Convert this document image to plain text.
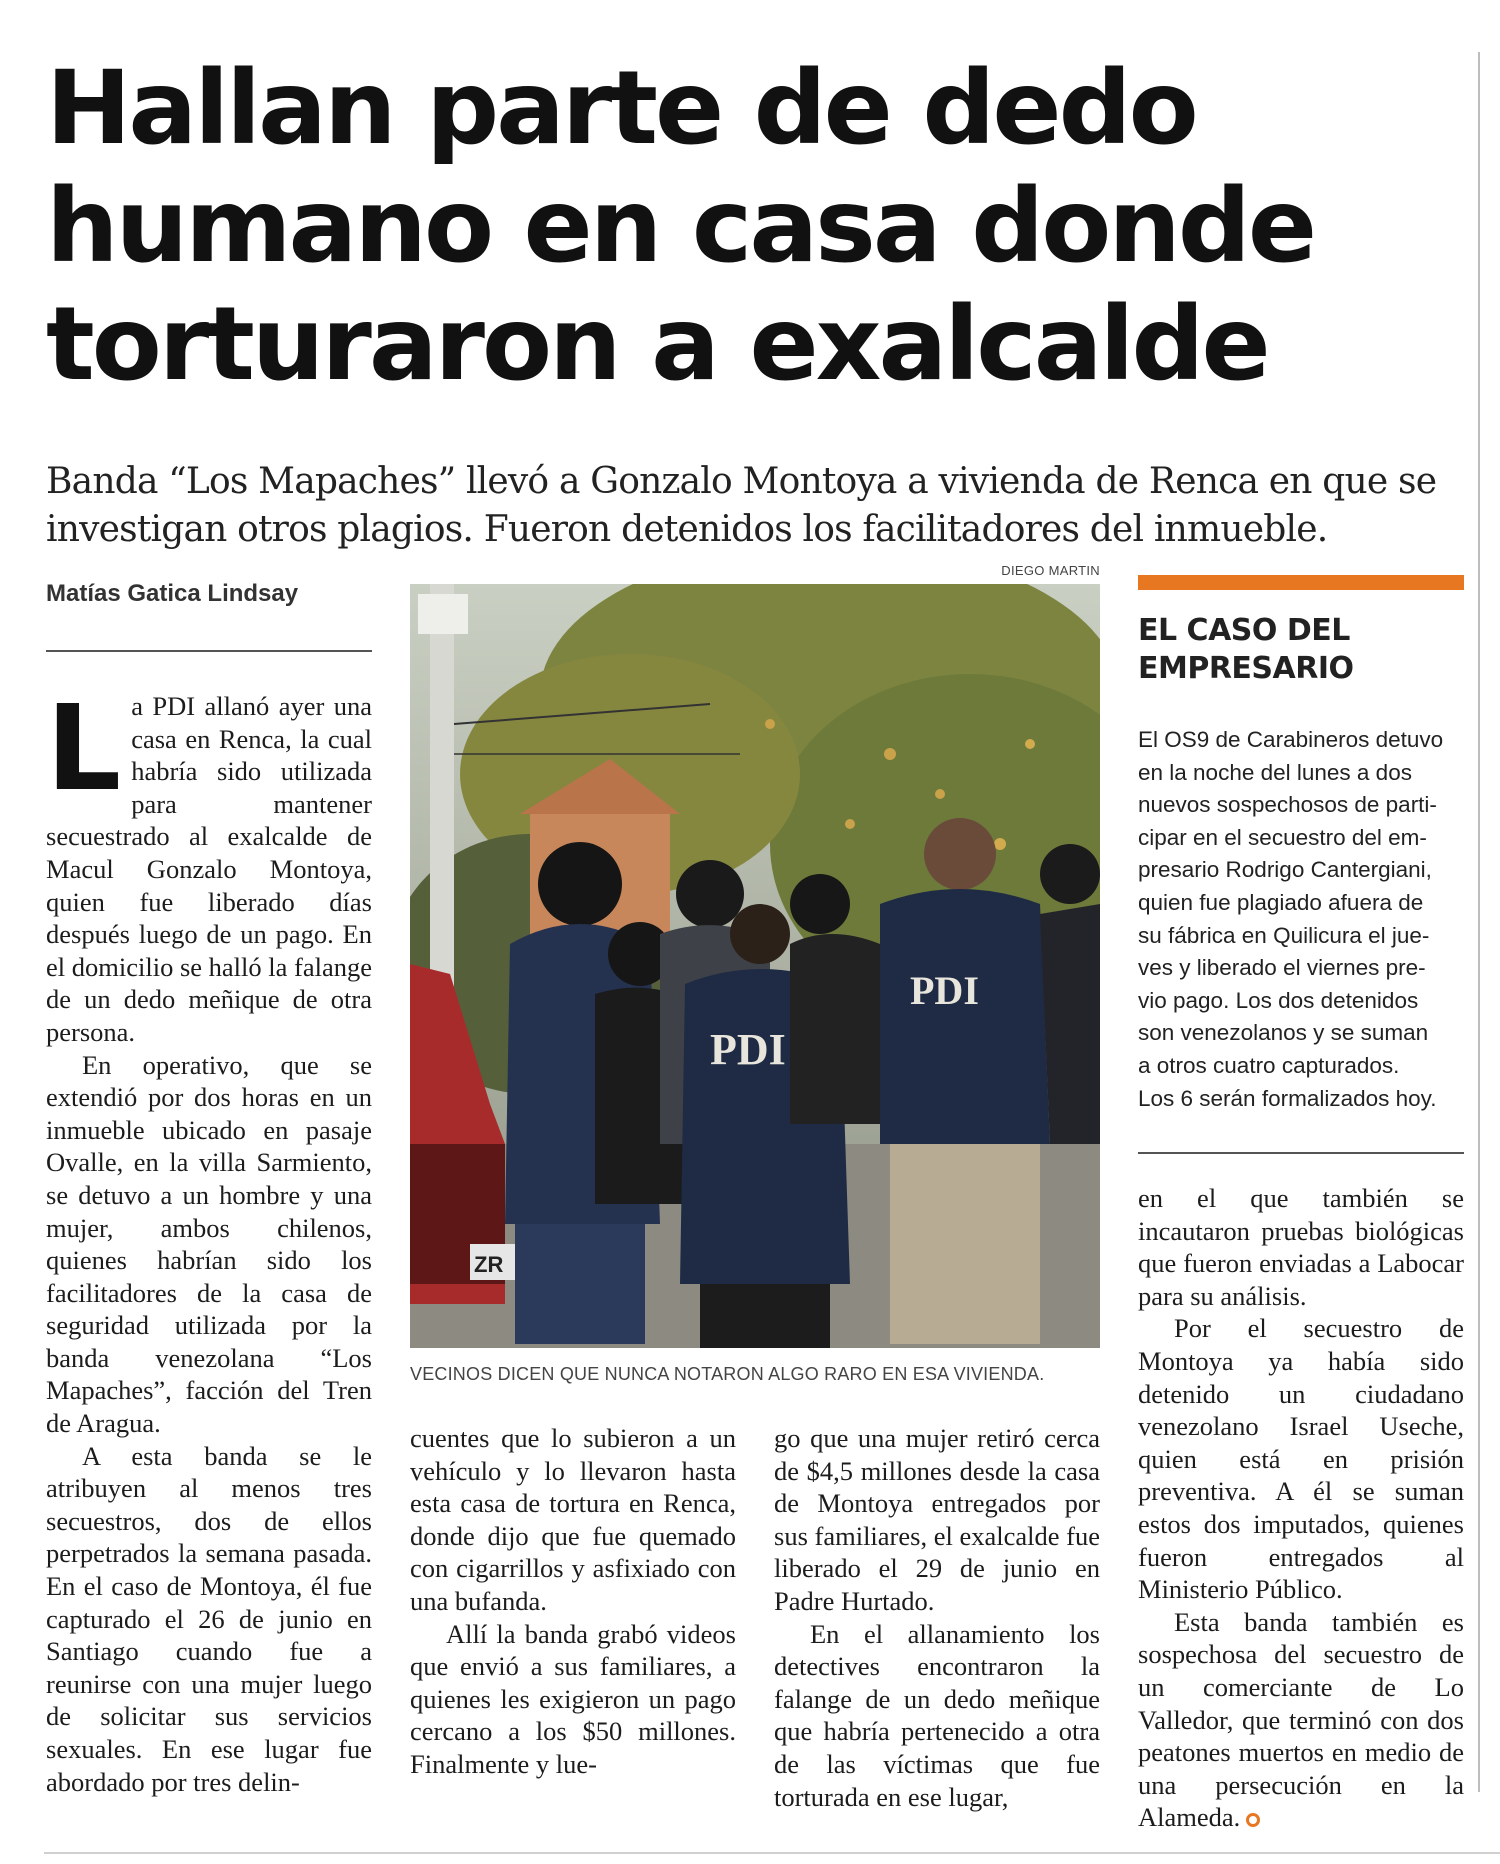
Hallan parte de dedo
humano en casa donde
torturaron a exalcalde
Banda “Los Mapaches” llevó a Gonzalo Montoya a vivienda de Renca en que se
investigan otros plagios. Fueron detenidos los facilitadores del inmueble.
Matías Gatica Lindsay
DIEGO MARTIN
ZR
PDI
PDI
VECINOS DICEN QUE NUNCA NOTARON ALGO RARO EN ESA VIVIENDA.

La PDI allanó ayer una casa en Renca, la cual habría sido utilizada para mantener secuestrado al exalcalde de Macul Gonzalo Montoya, quien fue liberado días después luego de un pago. En el domicilio se halló la falange de un dedo meñique de otra persona.

En operativo, que se extendió por dos horas en un inmueble ubicado en pasaje Ovalle, en la villa Sarmiento, se detuvo a un hombre y una mujer, ambos chilenos, quienes habrían sido los facilitadores de la casa de seguridad utilizada por la banda venezolana “Los Mapaches”, facción del Tren de Aragua.

A esta banda se le atribuyen al menos tres secuestros, dos de ellos perpetrados la semana pasada. En el caso de Montoya, él fue capturado el 26 de junio en Santiago cuando fue a reunirse con una mujer luego de solicitar sus servicios sexuales. En ese lugar fue abordado por tres delin-

cuentes que lo subieron a un vehículo y lo llevaron hasta esta casa de tortura en Renca, donde dijo que fue quemado con cigarrillos y asfixiado con una bufanda.

Allí la banda grabó videos que envió a sus familiares, a quienes les exigieron un pago cercano a los $50 millones. Finalmente y lue-

go que una mujer retiró cerca de $4,5 millones desde la casa de Montoya entregados por sus familiares, el exalcalde fue liberado el 29 de junio en Padre Hurtado.

En el allanamiento los detectives encontraron la falange de un dedo meñique que habría pertenecido a otra de las víctimas que fue torturada en ese lugar,

EL CASO DEL
EMPRESARIO
El OS9 de Carabineros detuvo
en la noche del lunes a dos
nuevos sospechosos de parti-
cipar en el secuestro del em-
presario Rodrigo Cantergiani,
quien fue plagiado afuera de
su fábrica en Quilicura el jue-
ves y liberado el viernes pre-
vio pago. Los dos detenidos
son venezolanos y se suman
a otros cuatro capturados.
Los 6 serán formalizados hoy.

en el que también se incautaron pruebas biológicas que fueron enviadas a Labocar para su análisis.

Por el secuestro de Montoya ya había sido detenido un ciudadano venezolano Israel Useche, quien está en prisión preventiva. A él se suman estos dos imputados, quienes fueron entregados al Ministerio Público.

Esta banda también es sospechosa del secuestro de un comerciante de Lo Valledor, que terminó con dos peatones muertos en medio de una persecución en la Alameda.
